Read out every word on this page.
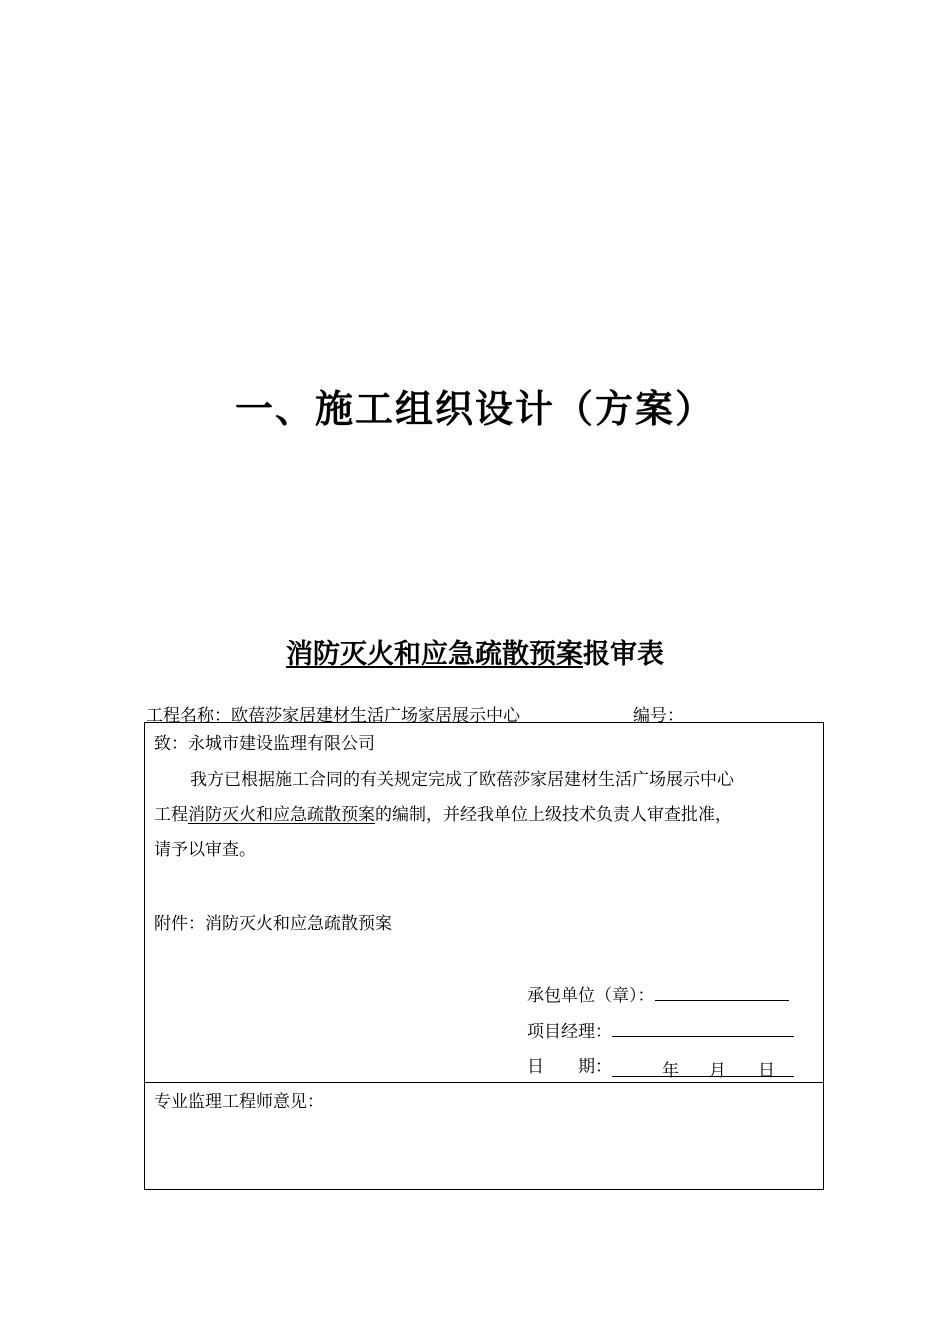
一、施工组织设计（方案）
消防灭火和应急疏散预案报审表
工程名称：欧蓓莎家居建材生活广场家居展示中心	编号：
致：永城市建设监理有限公司
我方已根据施工合同的有关规定完成了欧蓓莎家居建材生活广场展示中心
工程消防灭火和应急疏散预案的编制，并经我单位上级技术负责人审查批准，
请予以审查。
附件：消防灭火和应急疏散预案
承包单位（章）：
项目经理：
日　　期：	年 月 日
专业监理工程师意见：
